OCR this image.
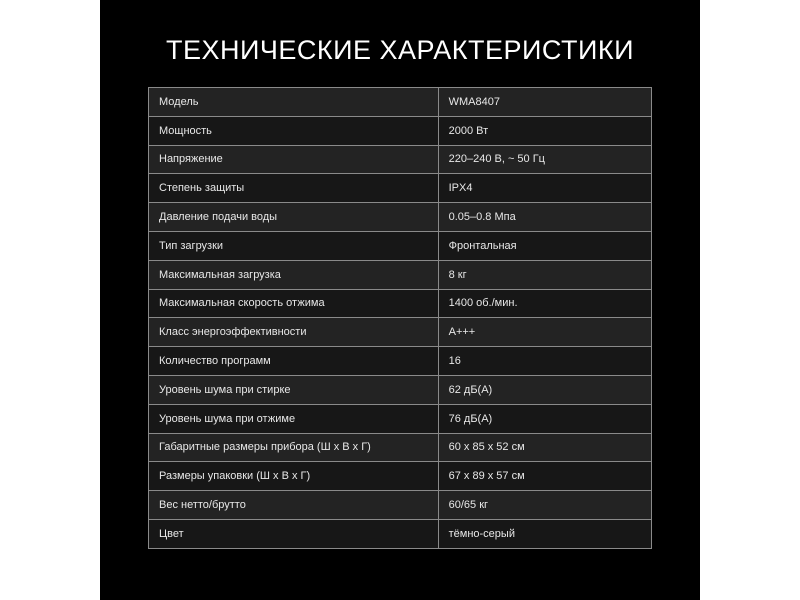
ТЕХНИЧЕСКИЕ ХАРАКТЕРИСТИКИ
Модель	WMA8407
Мощность	2000 Вт
Напряжение	220–240 В, ~ 50 Гц
Степень защиты	IPX4
Давление подачи воды	0.05–0.8 Мпа
Тип загрузки	Фронтальная
Максимальная загрузка	8 кг
Максимальная скорость отжима	1400 об./мин.
Класс энергоэффективности	А+++
Количество программ	16
Уровень шума при стирке	62 дБ(А)
Уровень шума при отжиме	76 дБ(А)
Габаритные размеры прибора (Ш х В х Г)	60 х 85 х 52 см
Размеры упаковки (Ш х В х Г)	67 х 89 х 57 см
Вес нетто/брутто	60/65 кг
Цвет	тёмно-серый
